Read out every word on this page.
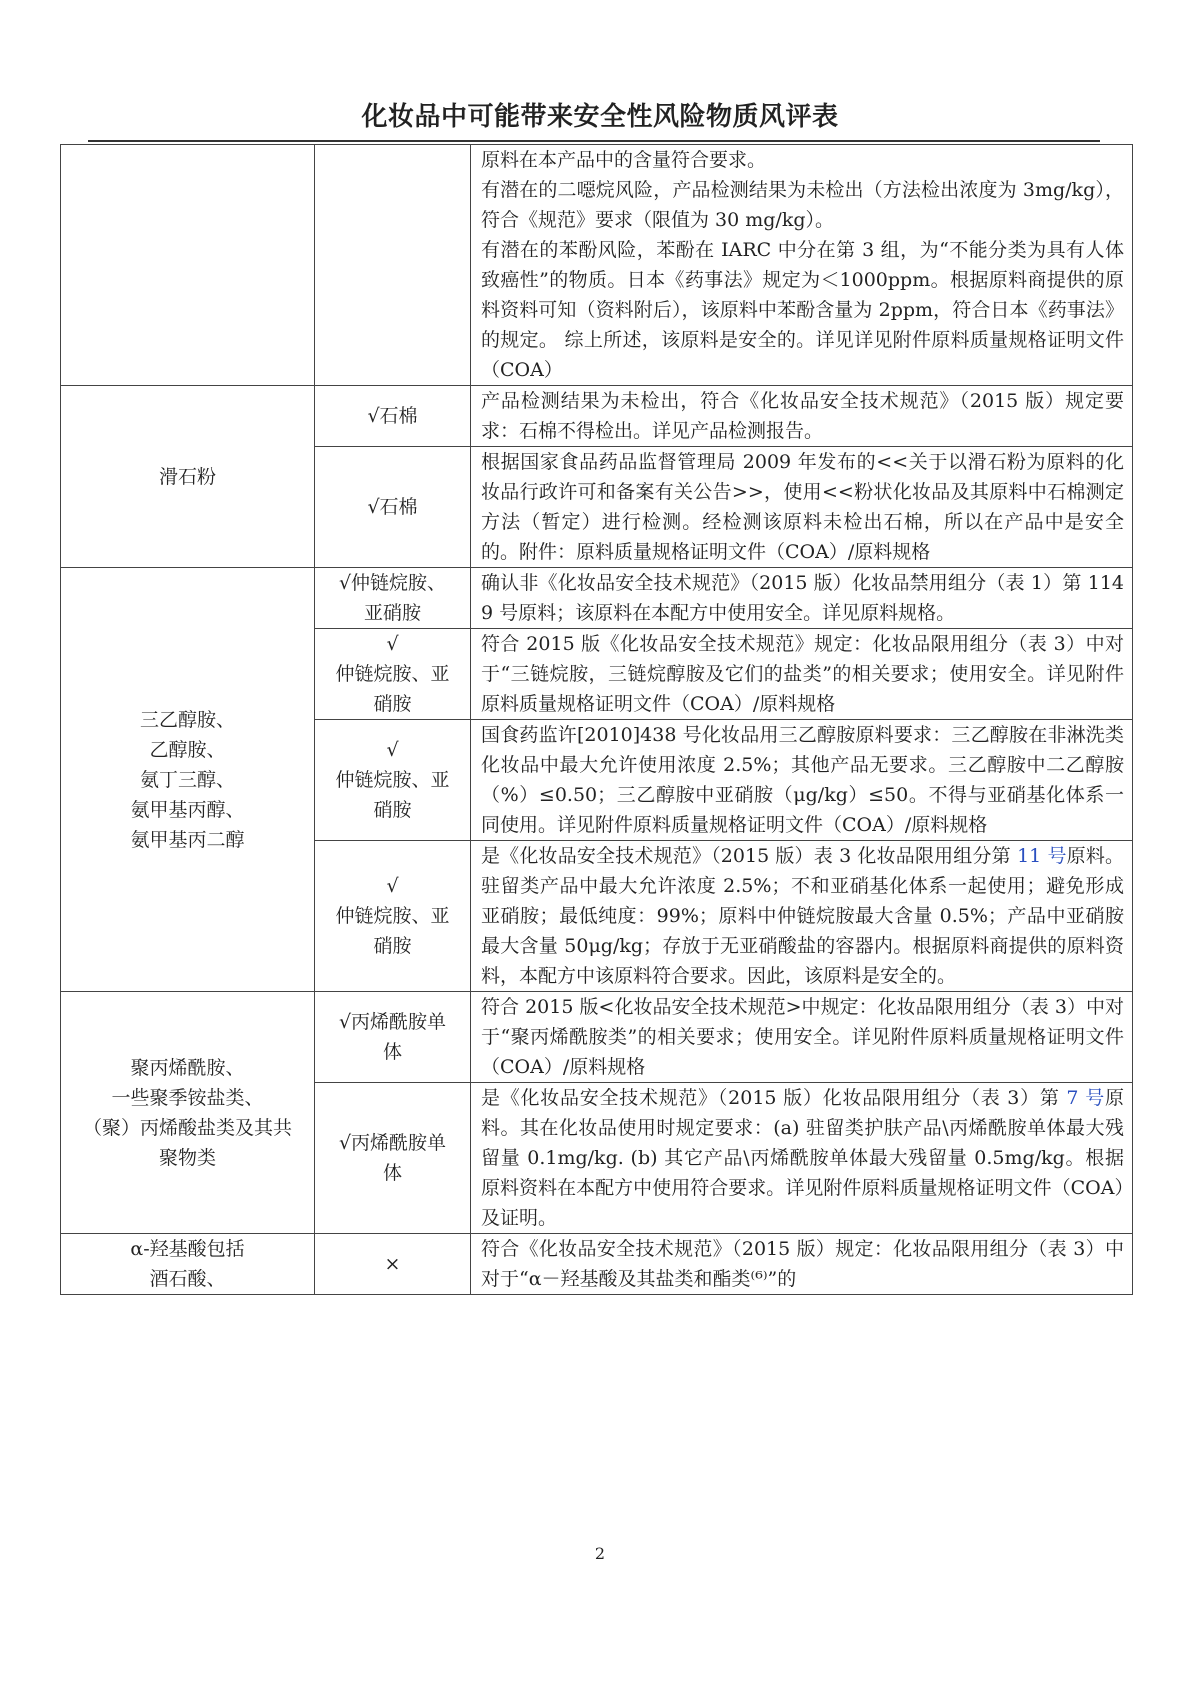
化妆品中可能带来安全性风险物质风评表
		原料在本产品中的含量符合要求。
有潜在的二噁烷风险，产品检测结果为未检出（方法检出浓度为 3mg/kg），符合《规范》要求（限值为 30 mg/kg）。
有潜在的苯酚风险，苯酚在 IARC 中分在第 3 组，为“不能分类为具有人体致癌性”的物质。日本《药事法》规定为＜1000ppm。根据原料商提供的原料资料可知（资料附后），该原料中苯酚含量为 2ppm，符合日本《药事法》的规定。 综上所述，该原料是安全的。详见详见附件原料质量规格证明文件（COA）
滑石粉	√石棉	产品检测结果为未检出，符合《化妆品安全技术规范》（2015 版）规定要求：石棉不得检出。详见产品检测报告。
	√石棉	根据国家食品药品监督管理局 2009 年发布的<<关于以滑石粉为原料的化妆品行政许可和备案有关公告>>，使用<<粉状化妆品及其原料中石棉测定方法（暂定）进行检测。经检测该原料未检出石棉，所以在产品中是安全的。附件：原料质量规格证明文件（COA）/原料规格
三乙醇胺、
乙醇胺、
氨丁三醇、
氨甲基丙醇、
氨甲基丙二醇	√仲链烷胺、
亚硝胺	确认非《化妆品安全技术规范》（2015 版）化妆品禁用组分（表 1）第 1149 号原料；该原料在本配方中使用安全。详见原料规格。
	√
仲链烷胺、亚
硝胺	符合 2015 版《化妆品安全技术规范》规定：化妆品限用组分（表 3）中对于“三链烷胺，三链烷醇胺及它们的盐类”的相关要求；使用安全。详见附件原料质量规格证明文件（COA）/原料规格
	√
仲链烷胺、亚
硝胺	国食药监许[2010]438 号化妆品用三乙醇胺原料要求：三乙醇胺在非淋洗类化妆品中最大允许使用浓度 2.5%；其他产品无要求。三乙醇胺中二乙醇胺（%）≤0.50；三乙醇胺中亚硝胺（μg/kg）≤50。不得与亚硝基化体系一同使用。详见附件原料质量规格证明文件（COA）/原料规格
	√
仲链烷胺、亚
硝胺	是《化妆品安全技术规范》（2015 版）表 3 化妆品限用组分第 11 号原料。驻留类产品中最大允许浓度 2.5%；不和亚硝基化体系一起使用；避免形成亚硝胺；最低纯度：99%；原料中仲链烷胺最大含量 0.5%；产品中亚硝胺最大含量 50μg/kg；存放于无亚硝酸盐的容器内。根据原料商提供的原料资料，本配方中该原料符合要求。因此，该原料是安全的。
聚丙烯酰胺、
一些聚季铵盐类、
（聚）丙烯酸盐类及其共
聚物类	√丙烯酰胺单
体	符合 2015 版<化妆品安全技术规范>中规定：化妆品限用组分（表 3）中对于“聚丙烯酰胺类”的相关要求；使用安全。详见附件原料质量规格证明文件（COA）/原料规格
	√丙烯酰胺单
体	是《化妆品安全技术规范》（2015 版）化妆品限用组分（表 3）第 7 号原料。其在化妆品使用时规定要求：(a) 驻留类护肤产品\丙烯酰胺单体最大残留量 0.1mg/kg. (b) 其它产品\丙烯酰胺单体最大残留量 0.5mg/kg。根据原料资料在本配方中使用符合要求。详见附件原料质量规格证明文件（COA）及证明。
α-羟基酸包括
酒石酸、	×	符合《化妆品安全技术规范》（2015 版）规定：化妆品限用组分（表 3）中对于“α－羟基酸及其盐类和酯类⁽⁶⁾”的
2
